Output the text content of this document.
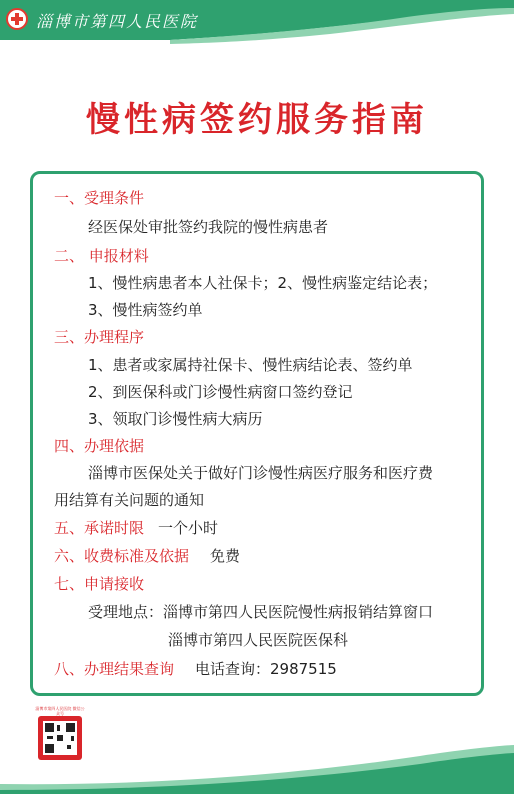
淄博市第四人民医院
慢性病签约服务指南
一、受理条件
经医保处审批签约我院的慢性病患者
二、 申报材料
1、慢性病患者本人社保卡；2、慢性病鉴定结论表；
3、慢性病签约单
三、办理程序
1、患者或家属持社保卡、慢性病结论表、签约单
2、到医保科或门诊慢性病窗口签约登记
3、领取门诊慢性病大病历
四、办理依据
淄博市医保处关于做好门诊慢性病医疗服务和医疗费
用结算有关问题的通知
五、承诺时限 一个小时
六、收费标准及依据 免费
七、申请接收
受理地点：淄博市第四人民医院慢性病报销结算窗口
淄博市第四人民医院医保科
八、办理结果查询 电话查询：2987515
淄博市第四人民医院 微信公众号
